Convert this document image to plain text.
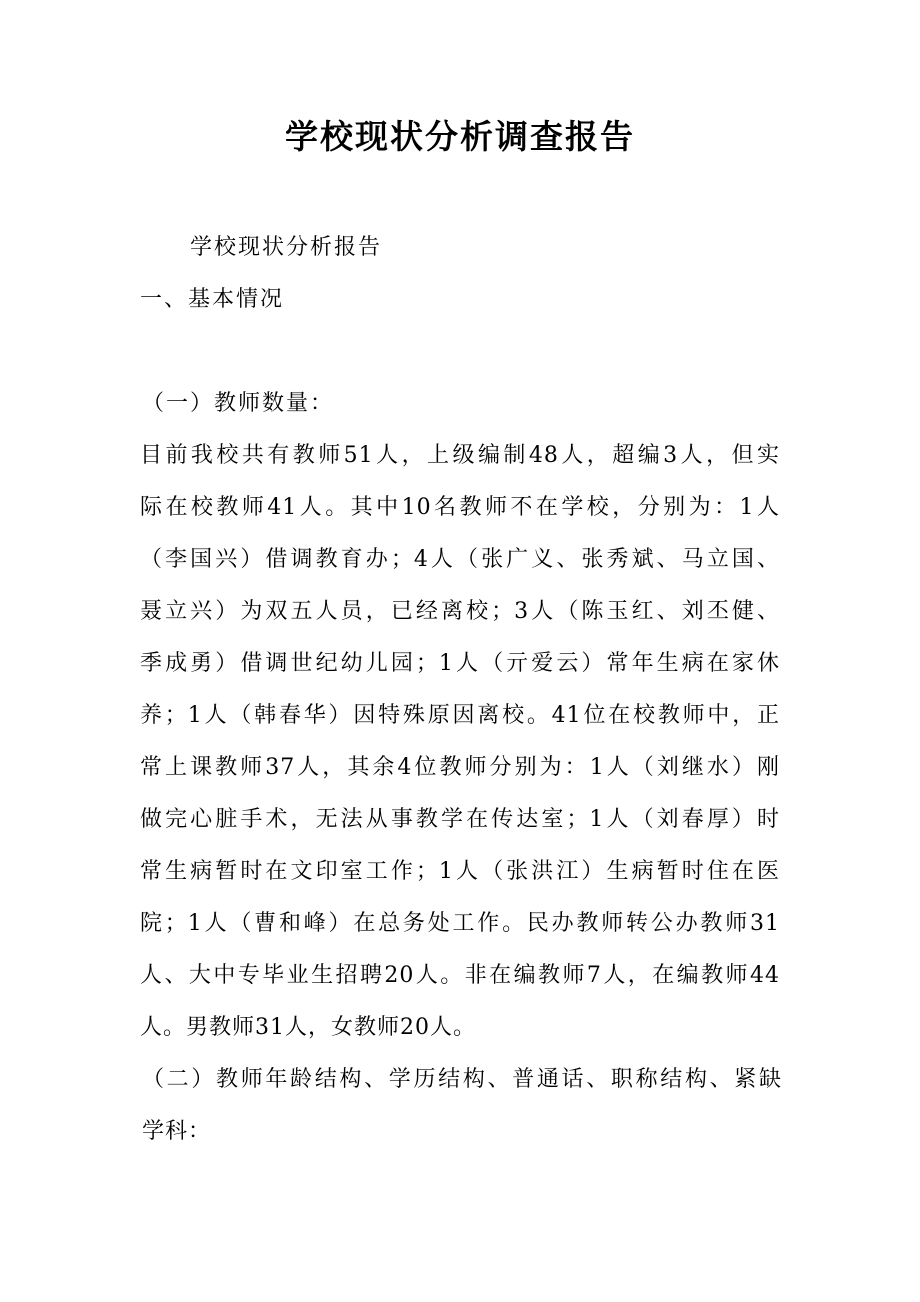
学校现状分析调查报告
学校现状分析报告
一、基本情况
（一）教师数量：
目前我校共有教师51人，上级编制48人，超编3人，但实
际在校教师41人。其中10名教师不在学校，分别为：1人
（李国兴）借调教育办；4人（张广义、张秀斌、马立国、
聂立兴）为双五人员，已经离校；3人（陈玉红、刘丕健、
季成勇）借调世纪幼儿园；1人（亓爱云）常年生病在家休
养；1人（韩春华）因特殊原因离校。41位在校教师中，正
常上课教师37人，其余4位教师分别为：1人（刘继水）刚
做完心脏手术，无法从事教学在传达室；1人（刘春厚）时
常生病暂时在文印室工作；1人（张洪江）生病暂时住在医
院；1人（曹和峰）在总务处工作。民办教师转公办教师31
人、大中专毕业生招聘20人。非在编教师7人，在编教师44
人。男教师31人，女教师20人。
（二）教师年龄结构、学历结构、普通话、职称结构、紧缺
学科：
